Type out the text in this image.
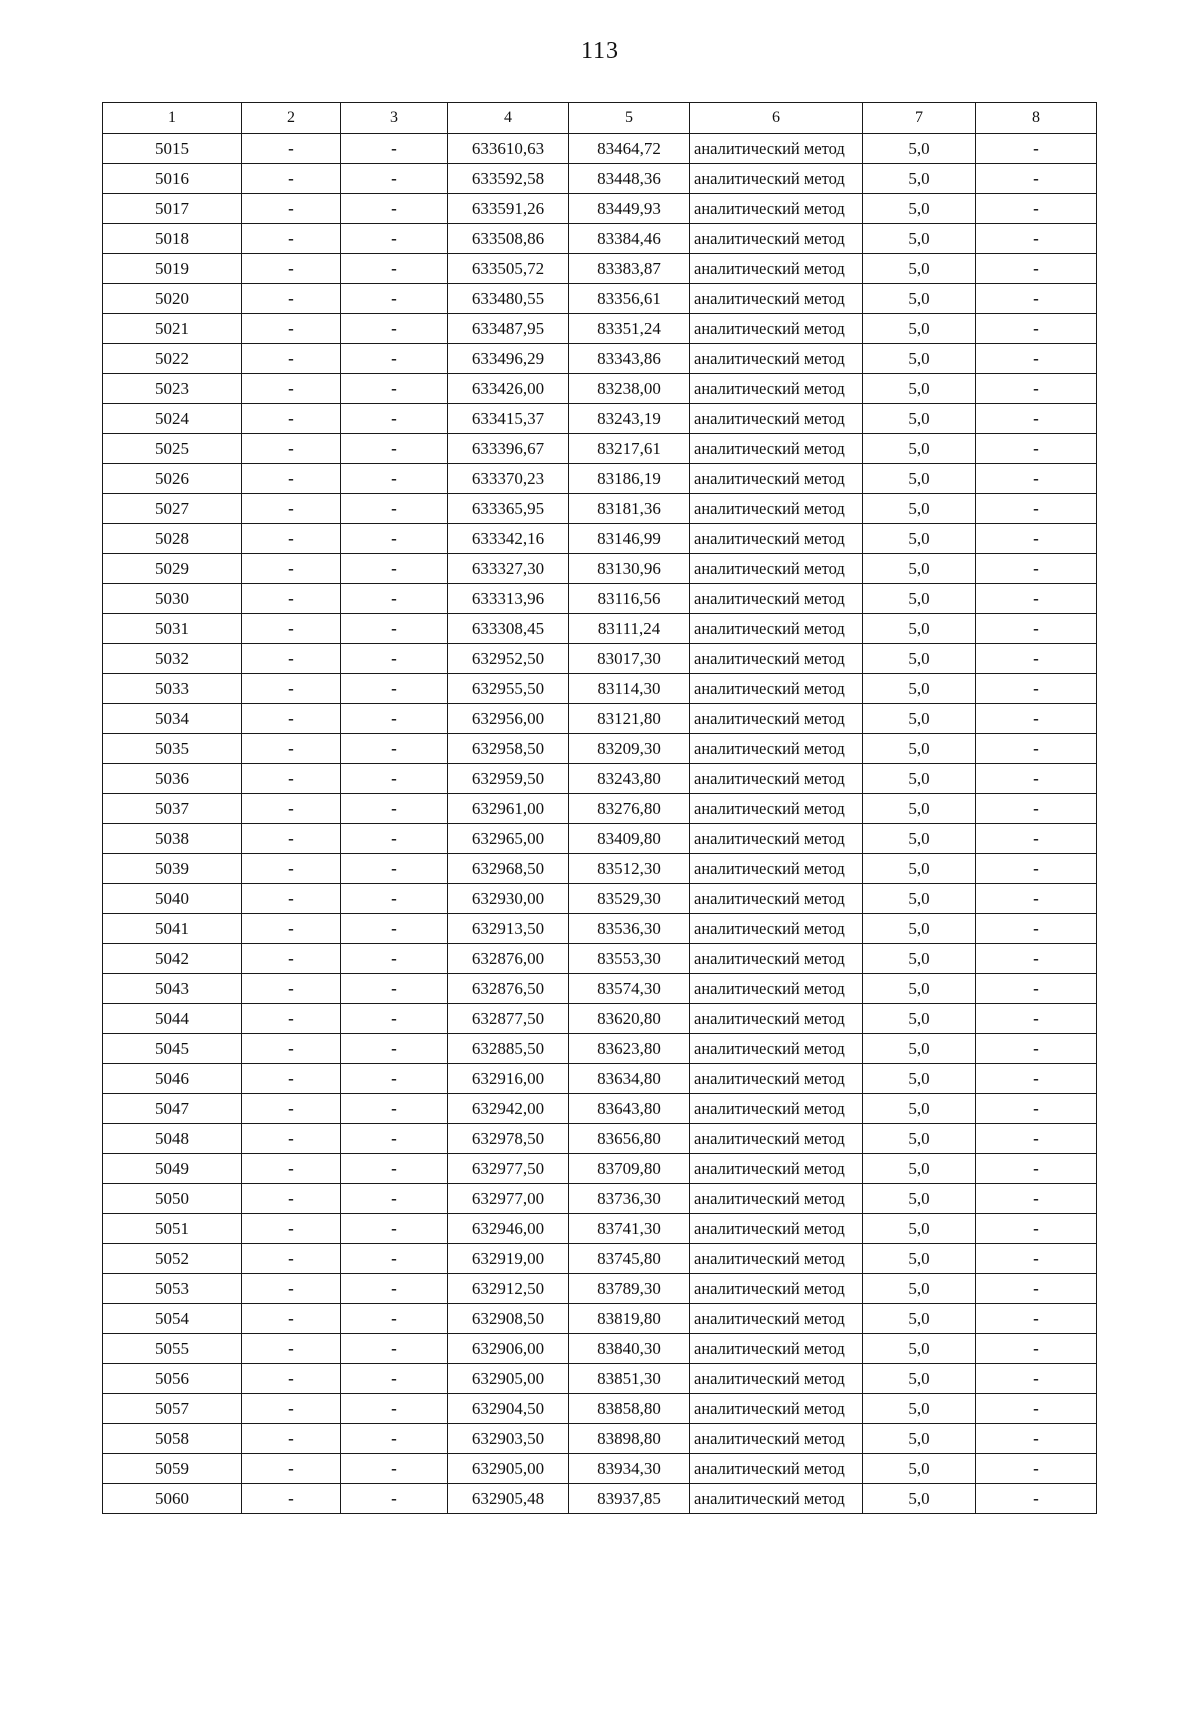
113
1	2	3	4	5	6	7	8
5015	-	-	633610,63	83464,72	аналитический метод	5,0	-
5016	-	-	633592,58	83448,36	аналитический метод	5,0	-
5017	-	-	633591,26	83449,93	аналитический метод	5,0	-
5018	-	-	633508,86	83384,46	аналитический метод	5,0	-
5019	-	-	633505,72	83383,87	аналитический метод	5,0	-
5020	-	-	633480,55	83356,61	аналитический метод	5,0	-
5021	-	-	633487,95	83351,24	аналитический метод	5,0	-
5022	-	-	633496,29	83343,86	аналитический метод	5,0	-
5023	-	-	633426,00	83238,00	аналитический метод	5,0	-
5024	-	-	633415,37	83243,19	аналитический метод	5,0	-
5025	-	-	633396,67	83217,61	аналитический метод	5,0	-
5026	-	-	633370,23	83186,19	аналитический метод	5,0	-
5027	-	-	633365,95	83181,36	аналитический метод	5,0	-
5028	-	-	633342,16	83146,99	аналитический метод	5,0	-
5029	-	-	633327,30	83130,96	аналитический метод	5,0	-
5030	-	-	633313,96	83116,56	аналитический метод	5,0	-
5031	-	-	633308,45	83111,24	аналитический метод	5,0	-
5032	-	-	632952,50	83017,30	аналитический метод	5,0	-
5033	-	-	632955,50	83114,30	аналитический метод	5,0	-
5034	-	-	632956,00	83121,80	аналитический метод	5,0	-
5035	-	-	632958,50	83209,30	аналитический метод	5,0	-
5036	-	-	632959,50	83243,80	аналитический метод	5,0	-
5037	-	-	632961,00	83276,80	аналитический метод	5,0	-
5038	-	-	632965,00	83409,80	аналитический метод	5,0	-
5039	-	-	632968,50	83512,30	аналитический метод	5,0	-
5040	-	-	632930,00	83529,30	аналитический метод	5,0	-
5041	-	-	632913,50	83536,30	аналитический метод	5,0	-
5042	-	-	632876,00	83553,30	аналитический метод	5,0	-
5043	-	-	632876,50	83574,30	аналитический метод	5,0	-
5044	-	-	632877,50	83620,80	аналитический метод	5,0	-
5045	-	-	632885,50	83623,80	аналитический метод	5,0	-
5046	-	-	632916,00	83634,80	аналитический метод	5,0	-
5047	-	-	632942,00	83643,80	аналитический метод	5,0	-
5048	-	-	632978,50	83656,80	аналитический метод	5,0	-
5049	-	-	632977,50	83709,80	аналитический метод	5,0	-
5050	-	-	632977,00	83736,30	аналитический метод	5,0	-
5051	-	-	632946,00	83741,30	аналитический метод	5,0	-
5052	-	-	632919,00	83745,80	аналитический метод	5,0	-
5053	-	-	632912,50	83789,30	аналитический метод	5,0	-
5054	-	-	632908,50	83819,80	аналитический метод	5,0	-
5055	-	-	632906,00	83840,30	аналитический метод	5,0	-
5056	-	-	632905,00	83851,30	аналитический метод	5,0	-
5057	-	-	632904,50	83858,80	аналитический метод	5,0	-
5058	-	-	632903,50	83898,80	аналитический метод	5,0	-
5059	-	-	632905,00	83934,30	аналитический метод	5,0	-
5060	-	-	632905,48	83937,85	аналитический метод	5,0	-
